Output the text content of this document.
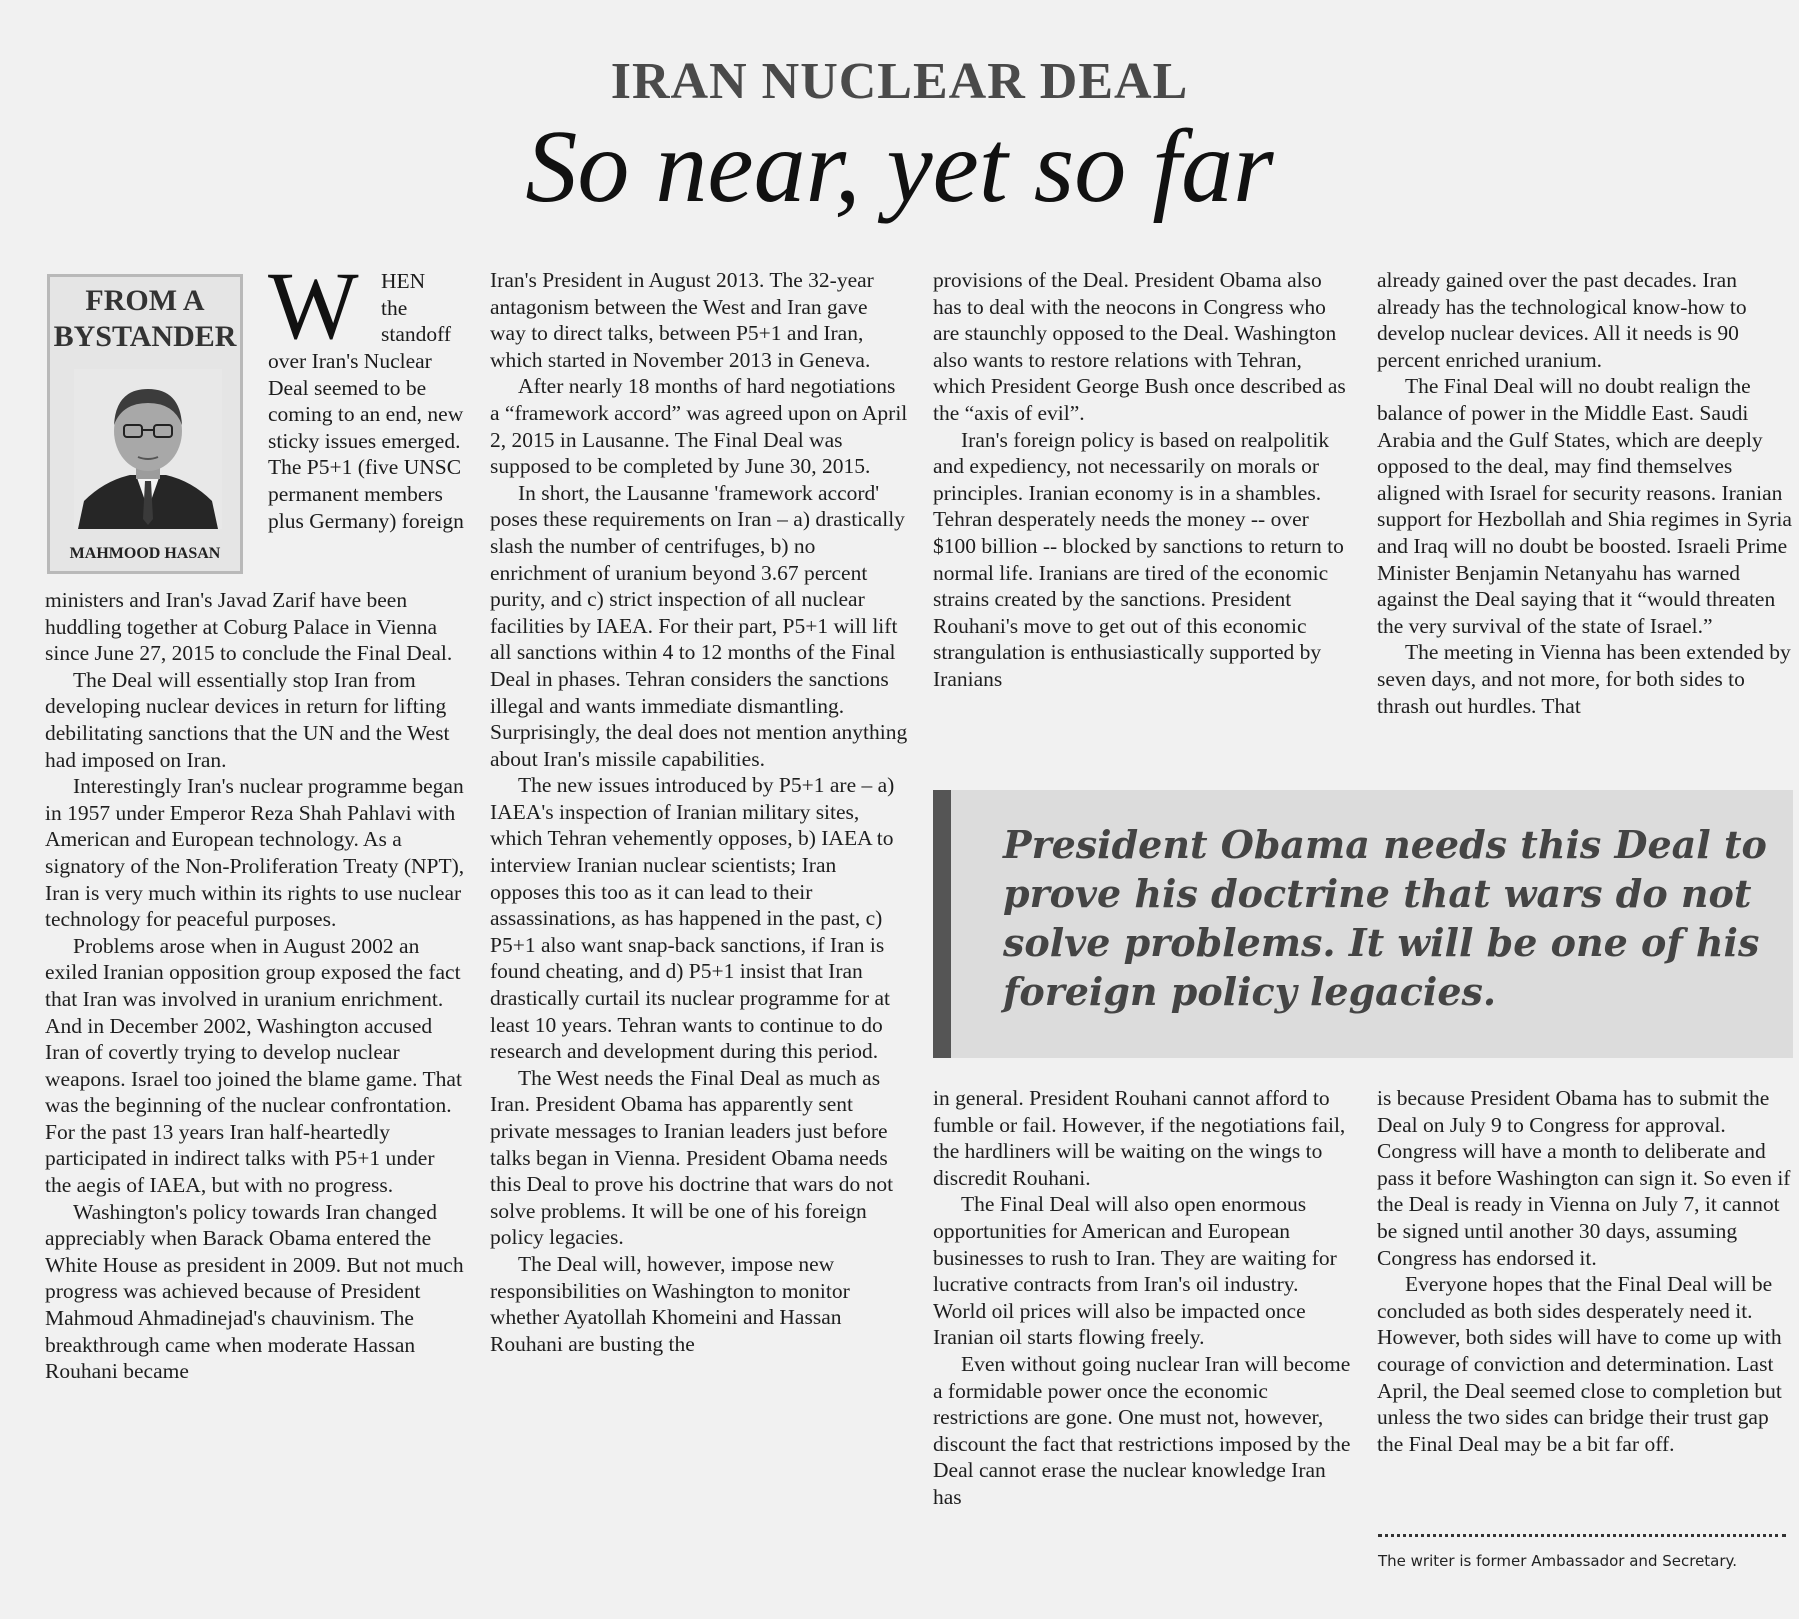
IRAN NUCLEAR DEAL
So near, yet so far
FROM A
BYSTANDER
MAHMOOD HASAN
W HEN
the
standoff
over Iran's Nuclear Deal seemed to be coming to an end, new sticky issues emerged. The P5+1 (five UNSC permanent members plus Germany) foreign

ministers and Iran's Javad Zarif have been huddling together at Coburg Palace in Vienna since June 27, 2015 to conclude the Final Deal.

The Deal will essentially stop Iran from developing nuclear devices in return for lifting debilitating sanctions that the UN and the West had imposed on Iran.

Interestingly Iran's nuclear programme began in 1957 under Emperor Reza Shah Pahlavi with American and European technology. As a signatory of the Non-Proliferation Treaty (NPT), Iran is very much within its rights to use nuclear technology for peaceful purposes.

Problems arose when in August 2002 an exiled Iranian opposition group exposed the fact that Iran was involved in uranium enrichment. And in December 2002, Washington accused Iran of covertly trying to develop nuclear weapons. Israel too joined the blame game. That was the beginning of the nuclear confrontation. For the past 13 years Iran half-heartedly participated in indirect talks with P5+1 under the aegis of IAEA, but with no progress.

Washington's policy towards Iran changed appreciably when Barack Obama entered the White House as president in 2009. But not much progress was achieved because of President Mahmoud Ahmadinejad's chauvinism. The breakthrough came when moderate Hassan Rouhani became

Iran's President in August 2013. The 32-year antagonism between the West and Iran gave way to direct talks, between P5+1 and Iran, which started in November 2013 in Geneva.

After nearly 18 months of hard negotiations a “framework accord” was agreed upon on April 2, 2015 in Lausanne. The Final Deal was supposed to be completed by June 30, 2015.

In short, the Lausanne 'framework accord' poses these requirements on Iran – a) drastically slash the number of centrifuges, b) no enrichment of uranium beyond 3.67 percent purity, and c) strict inspection of all nuclear facilities by IAEA. For their part, P5+1 will lift all sanctions within 4 to 12 months of the Final Deal in phases. Tehran considers the sanctions illegal and wants immediate dismantling. Surprisingly, the deal does not mention anything about Iran's missile capabilities.

The new issues introduced by P5+1 are – a) IAEA's inspection of Iranian military sites, which Tehran vehemently opposes, b) IAEA to interview Iranian nuclear scientists; Iran opposes this too as it can lead to their assassinations, as has happened in the past, c) P5+1 also want snap-back sanctions, if Iran is found cheating, and d) P5+1 insist that Iran drastically curtail its nuclear programme for at least 10 years. Tehran wants to continue to do research and development during this period.

The West needs the Final Deal as much as Iran. President Obama has apparently sent private messages to Iranian leaders just before talks began in Vienna. President Obama needs this Deal to prove his doctrine that wars do not solve problems. It will be one of his foreign policy legacies.

The Deal will, however, impose new responsibilities on Washington to monitor whether Ayatollah Khomeini and Hassan Rouhani are busting the

provisions of the Deal. President Obama also has to deal with the neocons in Congress who are staunchly opposed to the Deal. Washington also wants to restore relations with Tehran, which President George Bush once described as the “axis of evil”.

Iran's foreign policy is based on realpolitik and expediency, not necessarily on morals or principles. Iranian economy is in a shambles. Tehran desperately needs the money -- over $100 billion -- blocked by sanctions to return to normal life. Iranians are tired of the economic strains created by the sanctions. President Rouhani's move to get out of this economic strangulation is enthusiastically supported by Iranians

already gained over the past decades. Iran already has the technological know-how to develop nuclear devices. All it needs is 90 percent enriched uranium.

The Final Deal will no doubt realign the balance of power in the Middle East. Saudi Arabia and the Gulf States, which are deeply opposed to the deal, may find themselves aligned with Israel for security reasons. Iranian support for Hezbollah and Shia regimes in Syria and Iraq will no doubt be boosted. Israeli Prime Minister Benjamin Netanyahu has warned against the Deal saying that it “would threaten the very survival of the state of Israel.”

The meeting in Vienna has been extended by seven days, and not more, for both sides to thrash out hurdles. That

President Obama needs this Deal to prove his doctrine that wars do not solve problems. It will be one of his foreign policy legacies.

in general. President Rouhani cannot afford to fumble or fail. However, if the negotiations fail, the hardliners will be waiting on the wings to discredit Rouhani.

The Final Deal will also open enormous opportunities for American and European businesses to rush to Iran. They are waiting for lucrative contracts from Iran's oil industry. World oil prices will also be impacted once Iranian oil starts flowing freely.

Even without going nuclear Iran will become a formidable power once the economic restrictions are gone. One must not, however, discount the fact that restrictions imposed by the Deal cannot erase the nuclear knowledge Iran has

is because President Obama has to submit the Deal on July 9 to Congress for approval. Congress will have a month to deliberate and pass it before Washington can sign it. So even if the Deal is ready in Vienna on July 7, it cannot be signed until another 30 days, assuming Congress has endorsed it.

Everyone hopes that the Final Deal will be concluded as both sides desperately need it. However, both sides will have to come up with courage of conviction and determination. Last April, the Deal seemed close to completion but unless the two sides can bridge their trust gap the Final Deal may be a bit far off.

The writer is former Ambassador and Secretary.
